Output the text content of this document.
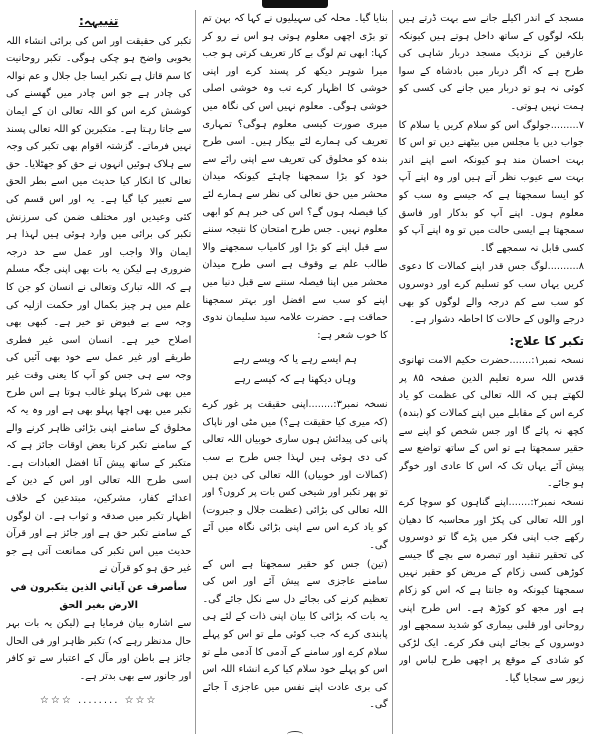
مسجد کے اندر اکیلے جانے سے بہت ڈرتے ہیں بلکہ لوگوں کے ساتھ داخل ہوتے ہیں کیونکہ عارفین کے نزدیک مسجد دربار شاہی کی طرح ہے کہ اگر دربار میں بادشاہ کے سوا کوئی نہ ہو تو دربار میں جانے کی کسی کو ہمت نہیں ہوتی۔

۷.........جولوگ اس کو سلام کریں یا سلام کا جواب دیں یا مجلس میں بیٹھنے دیں تو اس کا بہت احسان مند ہو کیونکہ اسے اپنے اندر بہت سے عیوب نظر آتے ہیں اور وہ اپنے آپ کو ایسا سمجھتا ہے کہ جیسے وہ سب کو معلوم ہوں۔ اپنے آپ کو بدکار اور فاسق سمجھتا ہے ایسی حالت میں تو وہ اپنے آپ کو کسی قابل نہ سمجھے گا۔

۸..........لوگ جس قدر اپنے کمالات کا دعوی کریں یہاں سب کو تسلیم کرے اور دوسروں کو سب سے کم درجہ والے لوگوں کو بھی درجے والوں کے حالات کا احاطہ دشوار ہے۔

تکبر کا علاج:

نسخہ نمبر۱:.......حضرت حکیم الامت تھانوی قدس اللہ سرہ تعلیم الدین صفحہ ۸۵ پر لکھتے ہیں کہ اللہ تعالی کی عظمت کو یاد کرے اس کے مقابلے میں اپنے کمالات کو (بندہ) کچھ نہ پائے گا اور جس شخص کو اپنے سے حقیر سمجھتا ہے تو اس کے ساتھ تواضع سے پیش آئے یہاں تک کہ اس کا عادی اور خوگر ہو جائے۔

نسخہ نمبر۲:.......اپنے گناہوں کو سوچا کرے اور اللہ تعالی کی پکڑ اور محاسبہ کا دھیان رکھے جب اپنی فکر میں پڑے گا تو دوسروں کی تحقیر تنقید اور تبصرہ سے بچے گا جیسے کوڑھی کسی زکام کے مریض کو حقیر نہیں سمجھتا کیونکہ وہ جانتا ہے کہ اس کو زکام ہے اور مجھ کو کوڑھ ہے۔ اس طرح اپنی روحانی اور قلبی بیماری کو شدید سمجھے اور دوسروں کے بجائے اپنی فکر کرے۔ ایک لڑکی کو شادی کے موقع پر اچھی طرح لباس اور زیور سے سجایا گیا۔

بنایا گیا۔ محلہ کی سہیلیوں نے کہا کہ بہن تم تو بڑی اچھی معلوم ہوتی ہو اس نے رو کر کہا: ابھی تم لوگ بے کار تعریف کرتی ہو جب میرا شوہر دیکھ کر پسند کرے اور اپنی خوشی کا اظہار کرے تب وہ خوشی اصلی خوشی ہوگی۔ معلوم نہیں اس کی نگاہ میں میری صورت کیسی معلوم ہوگی؟ تمہاری تعریف کی ہمارے لئے بیکار ہیں۔ اسی طرح بندہ کو مخلوق کی تعریف سے اپنی رائے سے خود کو بڑا سمجھنا چاہئے کیونکہ میدان محشر میں حق تعالی کی نظر سے ہمارے لئے کیا فیصلہ ہوں گے؟ اس کی خبر ہم کو ابھی معلوم نہیں۔ جس طرح امتحان کا نتیجہ سننے سے قبل اپنے کو بڑا اور کامیاب سمجھنے والا طالب علم بے وقوف ہے اسی طرح میدان محشر میں اپنا فیصلہ سننے سے قبل دنیا میں اپنے کو سب سے افضل اور بہتر سمجھنا حماقت ہے۔ حضرت علامہ سید سلیمان ندوی کا خوب شعر ہے:

ہم ایسے رہے یا کہ ویسے رہے
وہاں دیکھنا ہے کہ کیسے رہے

نسخہ نمبر۳:........اپنی حقیقت پر غور کرے (کہ میری کیا حقیقت ہے؟) میں مٹی اور ناپاک پانی کی پیدائش ہوں ساری خوبیاں اللہ تعالی کی دی ہوئی ہیں لہذا جس طرح بے سب (کمالات اور خوبیاں) اللہ تعالی کی دین ہیں تو پھر تکبر اور شیخی کس بات پر کروں؟ اور اللہ تعالی کی بڑائی (عظمت جلال و جبروت) کو یاد کرے اس سے اپنی بڑائی نگاہ میں آئے گی۔

(تین) جس کو حقیر سمجھتا ہے اس کے سامنے عاجزی سے پیش آئے اور اس کی تعظیم کرنے کی بجائے دل سے نکل جائے گی۔ یہ بات کہ بڑائی کا بیان اپنی ذات کے لئے ہی پابندی کرے کہ جب کوئی ملے تو اس کو پہلے سلام کرے اور سامنے کے آدمی کا آدمی ملے تو اس کو پہلے خود سلام کیا کرے انشاء اللہ اس کی بری عادت اپنے نفس میں عاجزی آ جائے گی۔

تنبیہہ:

تکبر کی حقیقت اور اس کی برائی انشاء اللہ بخوبی واضح ہو چکی ہوگی۔ تکبر روحانیت کا سم قاتل ہے تکبر ایسا جل جلال و عم نوالہ کی چادر ہے جو اس چادر میں گھسنے کی کوشش کرے اس کو اللہ تعالی ان کے ایمان سے جاتا رہتا ہے۔ متکبرین کو اللہ تعالی پسند نہیں فرماتے۔ گزشتہ اقوام بھی تکبر کی وجہ سے ہلاک ہوئیں انہوں نے حق کو جھٹلایا۔ حق تعالی کا انکار کیا حدیث میں اسے بطر الحق سے تعبیر کیا گیا ہے۔ یہ اور اس قسم کی کئی وعیدیں اور مختلف ضمن کی سرزنش تکبر کی برائی میں وارد ہوئی ہیں لہذا ہر ایمان والا واجب اور عمل سے حد درجہ ضروری ہے لیکن یہ بات بھی اپنی جگہ مسلم ہے کہ اللہ تبارک وتعالی نے انسان کو جن کا علم میں ہر چیز بکمال اور حکمت ازلیہ کی وجہ سے بے فیوض تو خیر ہے۔ کبھی بھی اصلاح خیر ہے۔ انسان اسی غیر فطری طریقے اور غیر عمل سے خود بھی آئیں کی وجہ سے ہی جس کو آپ کا یعنی وقت غیر میں بھی شرکا پہلو غالب ہوتا ہے اس طرح تکبر میں بھی اچھا پہلو بھی ہے اور وہ یہ کہ مخلوق کے سامنے اپنی بڑائی ظاہر کرنے والے کے سامنے تکبر کرنا بعض اوقات جائز ہے کہ متکبر کے ساتھ پیش آنا افضل العبادات ہے۔ اسی طرح اللہ تعالی اور اس کے دین کے اعدائے کفار، مشرکین، مبتدعین کے خلاف اظہار تکبر میں صدقہ و ثواب ہے۔ ان لوگوں کے سامنے تکبر حق ہے اور جائز ہے اور قرآن حدیث میں اس تکبر کی ممانعت آتی ہے جو غیر حق ہو کو قرآن نے

سأصرف عن آياتي الذين يتكبرون في الارض بغير الحق

سے اشارہ بیان فرمایا ہے (لیکن یہ بات بہر حال مدنظر رہے کہ) تکبر ظاہر اور فی الحال جائز ہے باطن اور مآل کے اعتبار سے تو کافر اور جانور سے بھی بدتر ہے۔

☆☆☆ ........ ☆☆☆
